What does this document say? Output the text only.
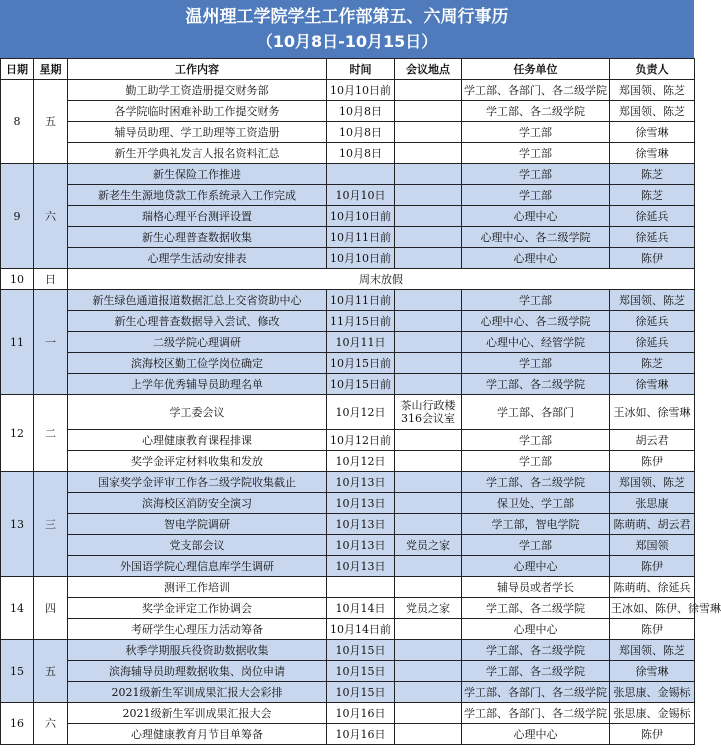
温州理工学院学生工作部第五、六周行事历
（10月8日-10月15日）
日期	星期	工作内容	时间	会议地点	任务单位	负责人
8	五	勤工助学工资造册提交财务部	10月10日前		学工部、各部门、各二级学院	郑国领、陈芝
		各学院临时困难补助工作提交财务	10月8日		学工部、各二级学院	郑国领、陈芝
		辅导员助理、学工助理等工资造册	10月8日		学工部	徐雪琳
		新生开学典礼发言人报名资料汇总	10月8日		学工部	徐雪琳
9	六	新生保险工作推进			学工部	陈芝
		新老生生源地贷款工作系统录入工作完成	10月10日		学工部	陈芝
		瑞格心理平台测评设置	10月10日前		心理中心	徐延兵
		新生心理普查数据收集	10月11日前		心理中心、各二级学院	徐延兵
		心理学生活动安排表	10月10日前		心理中心	陈伊
10	日	周末放假				
11	一	新生绿色通道报道数据汇总上交省资助中心	10月11日前		学工部	郑国领、陈芝
		新生心理普查数据导入尝试、修改	11月15日前		心理中心、各二级学院	徐延兵
		二级学院心理调研	10月11日		心理中心、经管学院	徐延兵
		滨海校区勤工俭学岗位确定	10月15日前		学工部	陈芝
		上学年优秀辅导员助理名单	10月15日前		学工部、各二级学院	徐雪琳
12	二	学工委会议	10月12日	茶山行政楼316会议室	学工部、各部门	王冰如、徐雪琳
		心理健康教育课程排课	10月12日前		学工部	胡云君
		奖学金评定材料收集和发放	10月12日		学工部	陈伊
13	三	国家奖学金评审工作各二级学院收集截止	10月13日		学工部、各二级学院	郑国领、陈芝
		滨海校区消防安全演习	10月13日		保卫处、学工部	张思康
		智电学院调研	10月13日		学工部，智电学院	陈萌萌、胡云君
		党支部会议	10月13日	党员之家	学工部	郑国领
		外国语学院心理信息库学生调研	10月13日		心理中心	陈伊
14	四	测评工作培训			辅导员或者学长	陈萌萌、徐延兵
		奖学金评定工作协调会	10月14日	党员之家	学工部、各二级学院	王冰如、陈伊、徐雪琳
		考研学生心理压力活动筹备	10月14日前		心理中心	陈伊
15	五	秋季学期服兵役资助数据收集	10月15日		学工部、各二级学院	郑国领、陈芝
		滨海辅导员助理数据收集、岗位申请	10月15日		学工部、各二级学院	徐雪琳
		2021级新生军训成果汇报大会彩排	10月15日		学工部、各部门、各二级学院	张思康、金锡标
16	六	2021级新生军训成果汇报大会	10月16日		学工部、各部门、各二级学院	张思康、金锡标
		心理健康教育月节目单筹备	10月16日		心理中心	陈伊
